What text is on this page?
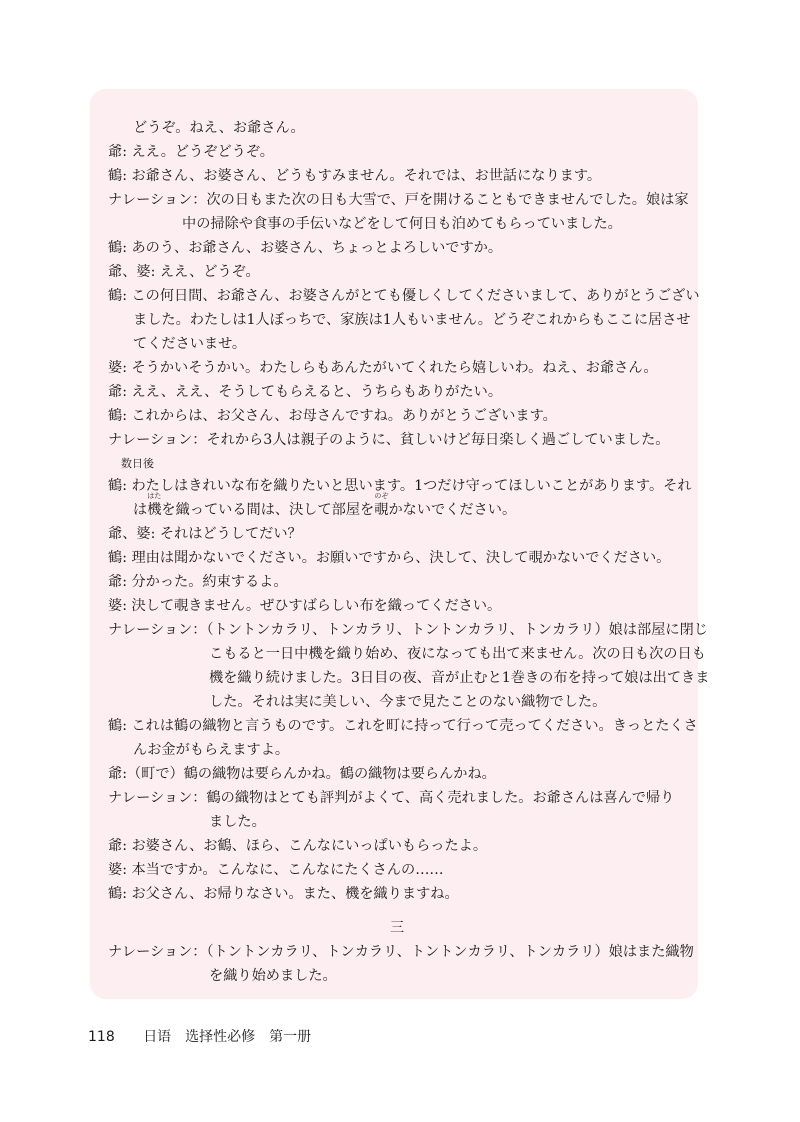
どうぞ。ねえ、お爺さん。
爺: ええ。どうぞどうぞ。
鶴: お爺さん、お婆さん、どうもすみません。それでは、お世話になります。
ナレーション：次の日もまた次の日も大雪で、戸を開けることもできませんでした。娘は家
中の掃除や食事の手伝いなどをして何日も泊めてもらっていました。
鶴: あのう、お爺さん、お婆さん、ちょっとよろしいですか。
爺、婆: ええ、どうぞ。
鶴: この何日間、お爺さん、お婆さんがとても優しくしてくださいまして、ありがとうござい
ました。わたしは1人ぼっちで、家族は1人もいません。どうぞこれからもここに居させ
てくださいませ。
婆: そうかいそうかい。わたしらもあんたがいてくれたら嬉しいわ。ねえ、お爺さん。
爺: ええ、ええ、そうしてもらえると、うちらもありがたい。
鶴: これからは、お父さん、お母さんですね。ありがとうございます。
ナレーション：それから3人は親子のように、貧しいけど毎日楽しく過ごしていました。
数日後
鶴: わたしはきれいな布を織りたいと思います。1つだけ守ってほしいことがあります。それ
は機
はた
を織っている間は、決して部屋を覗
のぞ
かないでください。
爺、婆: それはどうしてだい？
鶴: 理由は聞かないでください。お願いですから、決して、決して覗かないでください。
爺: 分かった。約束するよ。
婆: 決して覗きません。ぜひすばらしい布を織ってください。
ナレーション：（トントンカラリ、トンカラリ、トントンカラリ、トンカラリ）娘は部屋に閉じ
こもると一日中機を織り始め、夜になっても出て来ません。次の日も次の日も
機を織り続けました。3日目の夜、音が止むと1巻きの布を持って娘は出てきま
した。それは実に美しい、今まで見たことのない織物でした。
鶴: これは鶴の織物と言うものです。これを町に持って行って売ってください。きっとたくさ
んお金がもらえますよ。
爺:（町で）鶴の織物は要らんかね。鶴の織物は要らんかね。
ナレーション：鶴の織物はとても評判がよくて、高く売れました。お爺さんは喜んで帰り
ました。
爺: お婆さん、お鶴、ほら、こんなにいっぱいもらったよ。
婆: 本当ですか。こんなに、こんなにたくさんの……
鶴: お父さん、お帰りなさい。また、機を織りますね。
三
ナレーション：（トントンカラリ、トンカラリ、トントンカラリ、トンカラリ）娘はまた織物
を織り始めました。
118 日语　选择性必修　第一册
